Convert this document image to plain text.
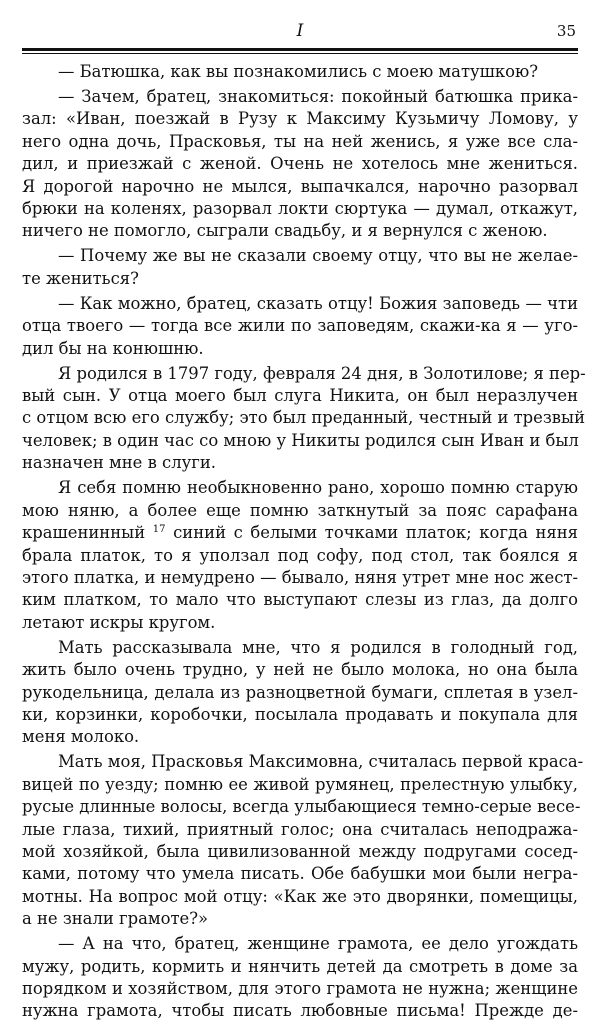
I	35

— Батюшка, как вы познакомились с моею матушкою?

— Зачем, братец, знакомиться: покойный батюшка прика-
зал: «Иван, поезжай в Рузу к Максиму Кузьмичу Ломову, у
него одна дочь, Прасковья, ты на ней женись, я уже все сла-
дил, и приезжай с женой. Очень не хотелось мне жениться.
Я дорогой нарочно не мылся, выпачкался, нарочно разорвал
брюки на коленях, разорвал локти сюртука — думал, откажут,
ничего не помогло, сыграли свадьбу, и я вернулся с женою.

— Почему же вы не сказали своему отцу, что вы не желае-
те жениться?

— Как можно, братец, сказать отцу! Божия заповедь — чти
отца твоего — тогда все жили по заповедям, скажи-ка я — уго-
дил бы на конюшню.

Я родился в 1797 году, февраля 24 дня, в Золотилове; я пер-
вый сын. У отца моего был слуга Никита, он был неразлучен
с отцом всю его службу; это был преданный, честный и трезвый
человек; в один час со мною у Никиты родился сын Иван и был
назначен мне в слуги.

Я себя помню необыкновенно рано, хорошо помню старую
мою няню, а более еще помню заткнутый за пояс сарафана
крашенинный $^{17}$ синий с белыми точками платок; когда няня
брала платок, то я уползал под софу, под стол, так боялся я
этого платка, и немудрено — бывало, няня утрет мне нос жест-
ким платком, то мало что выступают слезы из глаз, да долго
летают искры кругом.

Мать рассказывала мне, что я родился в голодный год,
жить было очень трудно, у ней не было молока, но она была
рукодельница, делала из разноцветной бумаги, сплетая в узел-
ки, корзинки, коробочки, посылала продавать и покупала для
меня молоко.

Мать моя, Прасковья Максимовна, считалась первой краса-
вицей по уезду; помню ее живой румянец, прелестную улыбку,
русые длинные волосы, всегда улыбающиеся темно-серые весе-
лые глаза, тихий, приятный голос; она считалась неподража-
мой хозяйкой, была цивилизованной между подругами сосед-
ками, потому что умела писать. Обе бабушки мои были негра-
мотны. На вопрос мой отцу: «Как же это дворянки, помещицы,
а не знали грамоте?»

— А на что, братец, женщине грамота, ее дело угождать
мужу, родить, кормить и нянчить детей да смотреть в доме за
порядком и хозяйством, для этого грамота не нужна; женщине
нужна грамота, чтобы писать любовные письма! Прежде де-
